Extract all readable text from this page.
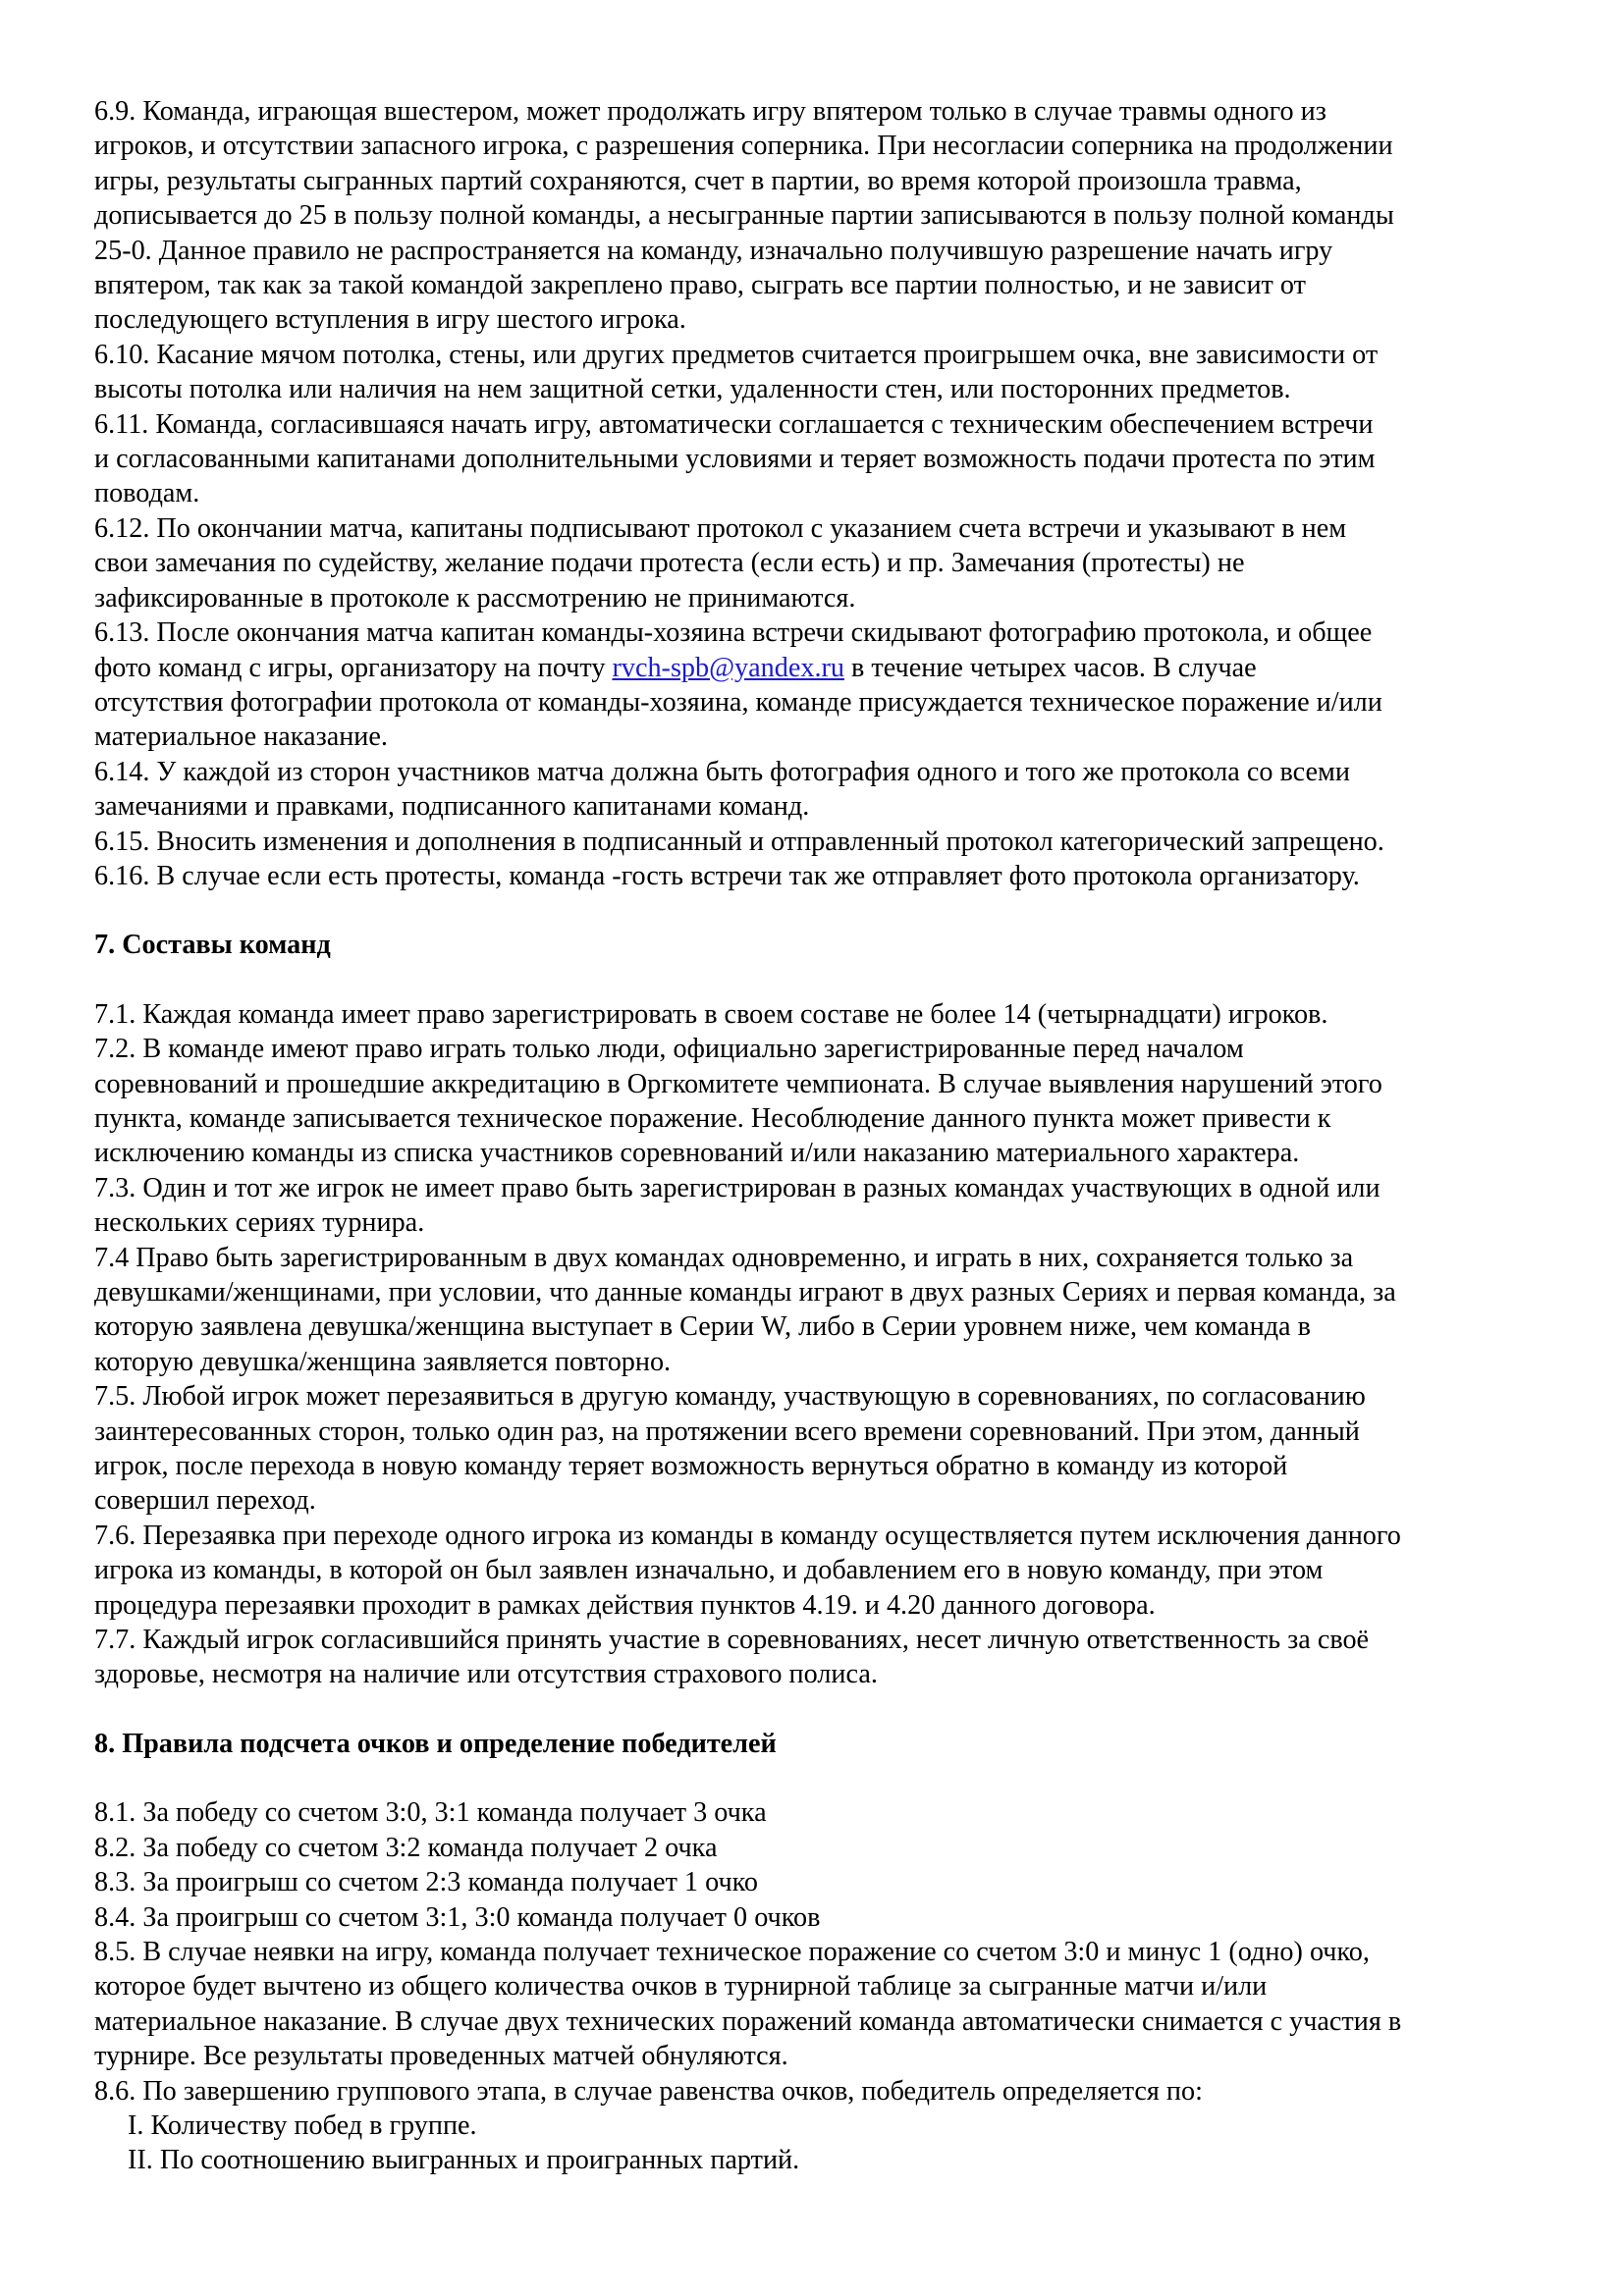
6.9. Команда, играющая вшестером, может продолжать игру впятером только в случае травмы одного из

игроков, и отсутствии запасного игрока, с разрешения соперника. При несогласии соперника на продолжении

игры, результаты сыгранных партий сохраняются, счет в партии, во время которой произошла травма,

дописывается до 25 в пользу полной команды, а несыгранные партии записываются в пользу полной команды

25-0. Данное правило не распространяется на команду, изначально получившую разрешение начать игру

впятером, так как за такой командой закреплено право, сыграть все партии полностью, и не зависит от

последующего вступления в игру шестого игрока.

6.10. Касание мячом потолка, стены, или других предметов считается проигрышем очка, вне зависимости от

высоты потолка или наличия на нем защитной сетки, удаленности стен, или посторонних предметов.

6.11. Команда, согласившаяся начать игру, автоматически соглашается с техническим обеспечением встречи

и согласованными капитанами дополнительными условиями и теряет возможность подачи протеста по этим

поводам.

6.12. По окончании матча, капитаны подписывают протокол с указанием счета встречи и указывают в нем

свои замечания по судейству, желание подачи протеста (если есть) и пр. Замечания (протесты) не

зафиксированные в протоколе к рассмотрению не принимаются.

6.13. После окончания матча капитан команды-хозяина встречи скидывают фотографию протокола, и общее

фото команд с игры, организатору на почту rvch-spb@yandex.ru в течение четырех часов. В случае

отсутствия фотографии протокола от команды-хозяина, команде присуждается техническое поражение и/или

материальное наказание.

6.14. У каждой из сторон участников матча должна быть фотография одного и того же протокола со всеми

замечаниями и правками, подписанного капитанами команд.

6.15. Вносить изменения и дополнения в подписанный и отправленный протокол категорический запрещено.

6.16. В случае если есть протесты, команда -гость встречи так же отправляет фото протокола организатору.

7. Составы команд

7.1. Каждая команда имеет право зарегистрировать в своем составе не более 14 (четырнадцати) игроков.

7.2. В команде имеют право играть только люди, официально зарегистрированные перед началом

соревнований и прошедшие аккредитацию в Оргкомитете чемпионата. В случае выявления нарушений этого

пункта, команде записывается техническое поражение. Несоблюдение данного пункта может привести к

исключению команды из списка участников соревнований и/или наказанию материального характера.

7.3. Один и тот же игрок не имеет право быть зарегистрирован в разных командах участвующих в одной или

нескольких сериях турнира.

7.4 Право быть зарегистрированным в двух командах одновременно, и играть в них, сохраняется только за

девушками/женщинами, при условии, что данные команды играют в двух разных Сериях и первая команда, за

которую заявлена девушка/женщина выступает в Серии W, либо в Серии уровнем ниже, чем команда в

которую девушка/женщина заявляется повторно.

7.5. Любой игрок может перезаявиться в другую команду, участвующую в соревнованиях, по согласованию

заинтересованных сторон, только один раз, на протяжении всего времени соревнований. При этом, данный

игрок, после перехода в новую команду теряет возможность вернуться обратно в команду из которой

совершил переход.

7.6. Перезаявка при переходе одного игрока из команды в команду осуществляется путем исключения данного

игрока из команды, в которой он был заявлен изначально, и добавлением его в новую команду, при этом

процедура перезаявки проходит в рамках действия пунктов 4.19. и 4.20 данного договора.

7.7. Каждый игрок согласившийся принять участие в соревнованиях, несет личную ответственность за своё

здоровье, несмотря на наличие или отсутствия страхового полиса.

8. Правила подсчета очков и определение победителей

8.1. За победу со счетом 3:0, 3:1 команда получает 3 очка

8.2. За победу со счетом 3:2 команда получает 2 очка

8.3. За проигрыш со счетом 2:3 команда получает 1 очко

8.4. За проигрыш со счетом 3:1, 3:0 команда получает 0 очков

8.5. В случае неявки на игру, команда получает техническое поражение со счетом 3:0 и минус 1 (одно) очко,

которое будет вычтено из общего количества очков в турнирной таблице за сыгранные матчи и/или

материальное наказание. В случае двух технических поражений команда автоматически снимается с участия в

турнире. Все результаты проведенных матчей обнуляются.

8.6. По завершению группового этапа, в случае равенства очков, победитель определяется по:

I. Количеству побед в группе.

II. По соотношению выигранных и проигранных партий.
